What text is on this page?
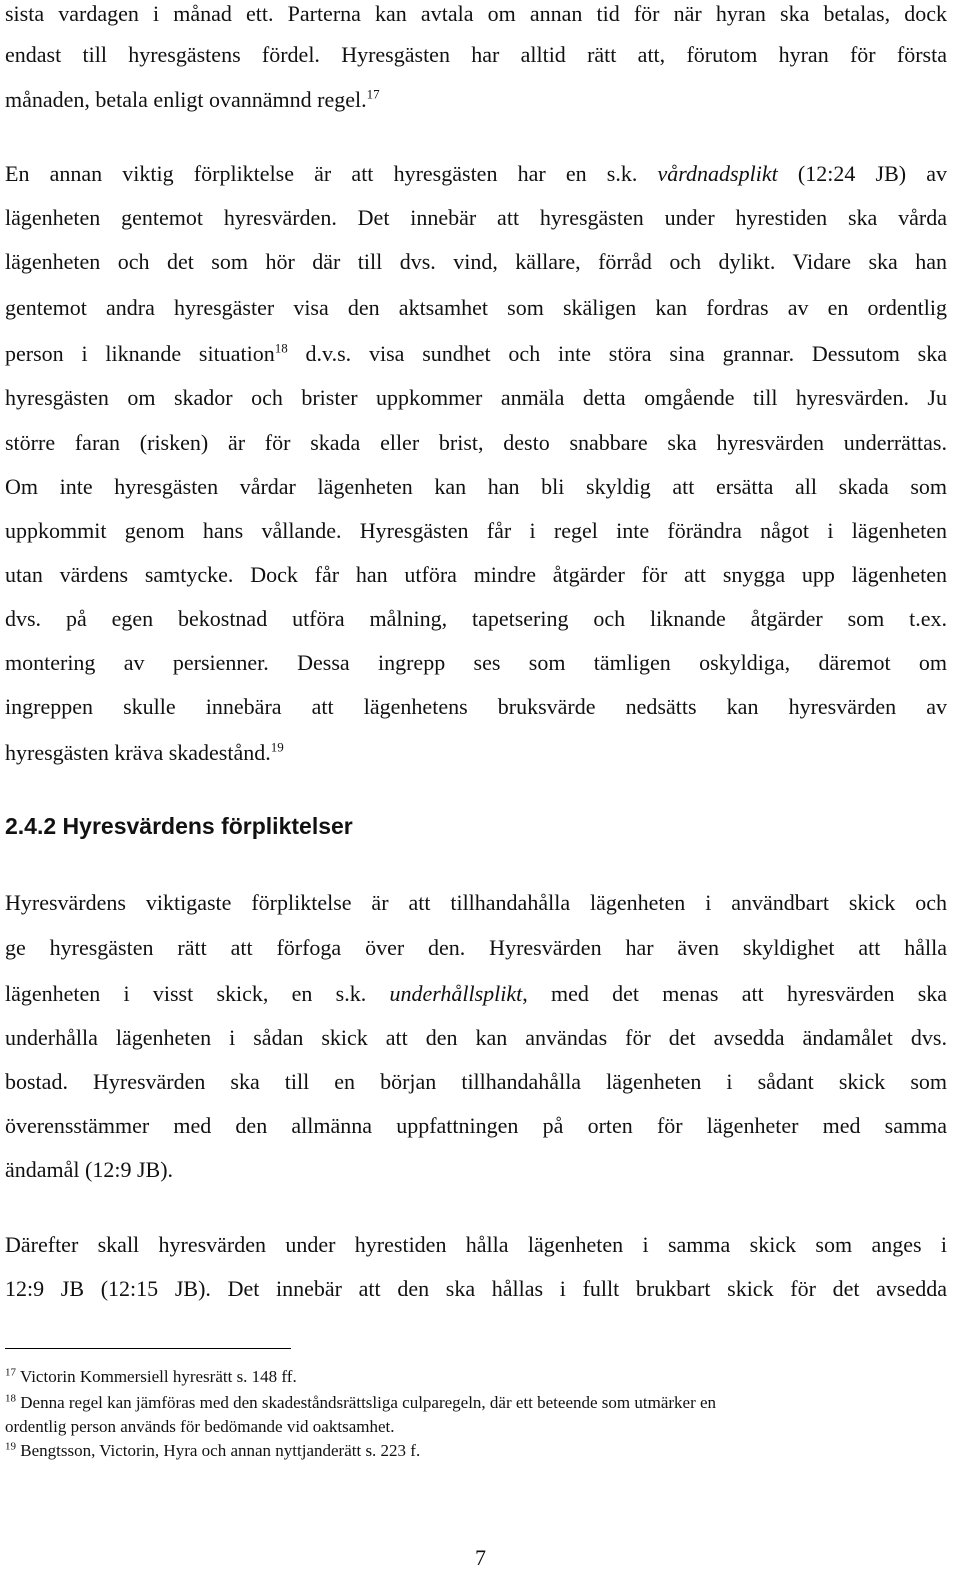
sista vardagen i månad ett. Parterna kan avtala om annan tid för när hyran ska betalas, dock
endast till hyresgästens fördel. Hyresgästen har alltid rätt att, förutom hyran för första
månaden, betala enligt ovannämnd regel.$^{17}$
En annan viktig förpliktelse är att hyresgästen har en s.k. vårdnadsplikt (12:24 JB) av
lägenheten gentemot hyresvärden. Det innebär att hyresgästen under hyrestiden ska vårda
lägenheten och det som hör där till dvs. vind, källare, förråd och dylikt. Vidare ska han
gentemot andra hyresgäster visa den aktsamhet som skäligen kan fordras av en ordentlig
person i liknande situation$^{18}$ d.v.s. visa sundhet och inte störa sina grannar. Dessutom ska
hyresgästen om skador och brister uppkommer anmäla detta omgående till hyresvärden. Ju
större faran (risken) är för skada eller brist, desto snabbare ska hyresvärden underrättas.
Om inte hyresgästen vårdar lägenheten kan han bli skyldig att ersätta all skada som
uppkommit genom hans vållande. Hyresgästen får i regel inte förändra något i lägenheten
utan värdens samtycke. Dock får han utföra mindre åtgärder för att snygga upp lägenheten
dvs. på egen bekostnad utföra målning, tapetsering och liknande åtgärder som t.ex.
montering av persienner. Dessa ingrepp ses som tämligen oskyldiga, däremot om
ingreppen skulle innebära att lägenhetens bruksvärde nedsätts kan hyresvärden av
hyresgästen kräva skadestånd.$^{19}$
2.4.2 Hyresvärdens förpliktelser
Hyresvärdens viktigaste förpliktelse är att tillhandahålla lägenheten i användbart skick och
ge hyresgästen rätt att förfoga över den. Hyresvärden har även skyldighet att hålla
lägenheten i visst skick, en s.k. underhållsplikt, med det menas att hyresvärden ska
underhålla lägenheten i sådan skick att den kan användas för det avsedda ändamålet dvs.
bostad. Hyresvärden ska till en början tillhandahålla lägenheten i sådant skick som
överensstämmer med den allmänna uppfattningen på orten för lägenheter med samma
ändamål (12:9 JB).
Därefter skall hyresvärden under hyrestiden hålla lägenheten i samma skick som anges i
12:9 JB (12:15 JB). Det innebär att den ska hållas i fullt brukbart skick för det avsedda
$^{17}$ Victorin Kommersiell hyresrätt s. 148 ff.
$^{18}$ Denna regel kan jämföras med den skadeståndsrättsliga culparegeln, där ett beteende som utmärker en
ordentlig person används för bedömande vid oaktsamhet.
$^{19}$ Bengtsson, Victorin, Hyra och annan nyttjanderätt s. 223 f.
7
